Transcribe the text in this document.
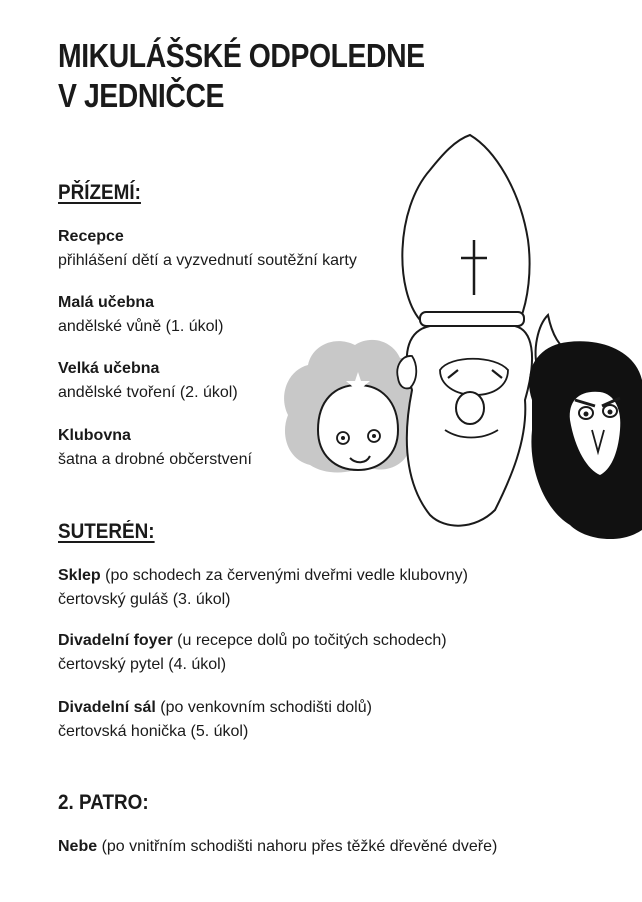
MIKULÁŠSKÉ ODPOLEDNE
V JEDNIČCE
PŘÍZEMÍ:
Recepce
přihlášení dětí a vyzvednutí soutěžní karty
Malá učebna
andělské vůně (1. úkol)
Velká učebna
andělské tvoření (2. úkol)
Klubovna
šatna a drobné občerstvení
SUTERÉN:
Sklep (po schodech za červenými dveřmi vedle klubovny)
čertovský guláš (3. úkol)
Divadelní foyer (u recepce dolů po točitých schodech)
čertovský pytel (4. úkol)
Divadelní sál (po venkovním schodišti dolů)
čertovská honička (5. úkol)
2. PATRO:
Nebe (po vnitřním schodišti nahoru přes těžké dřevěné dveře)
